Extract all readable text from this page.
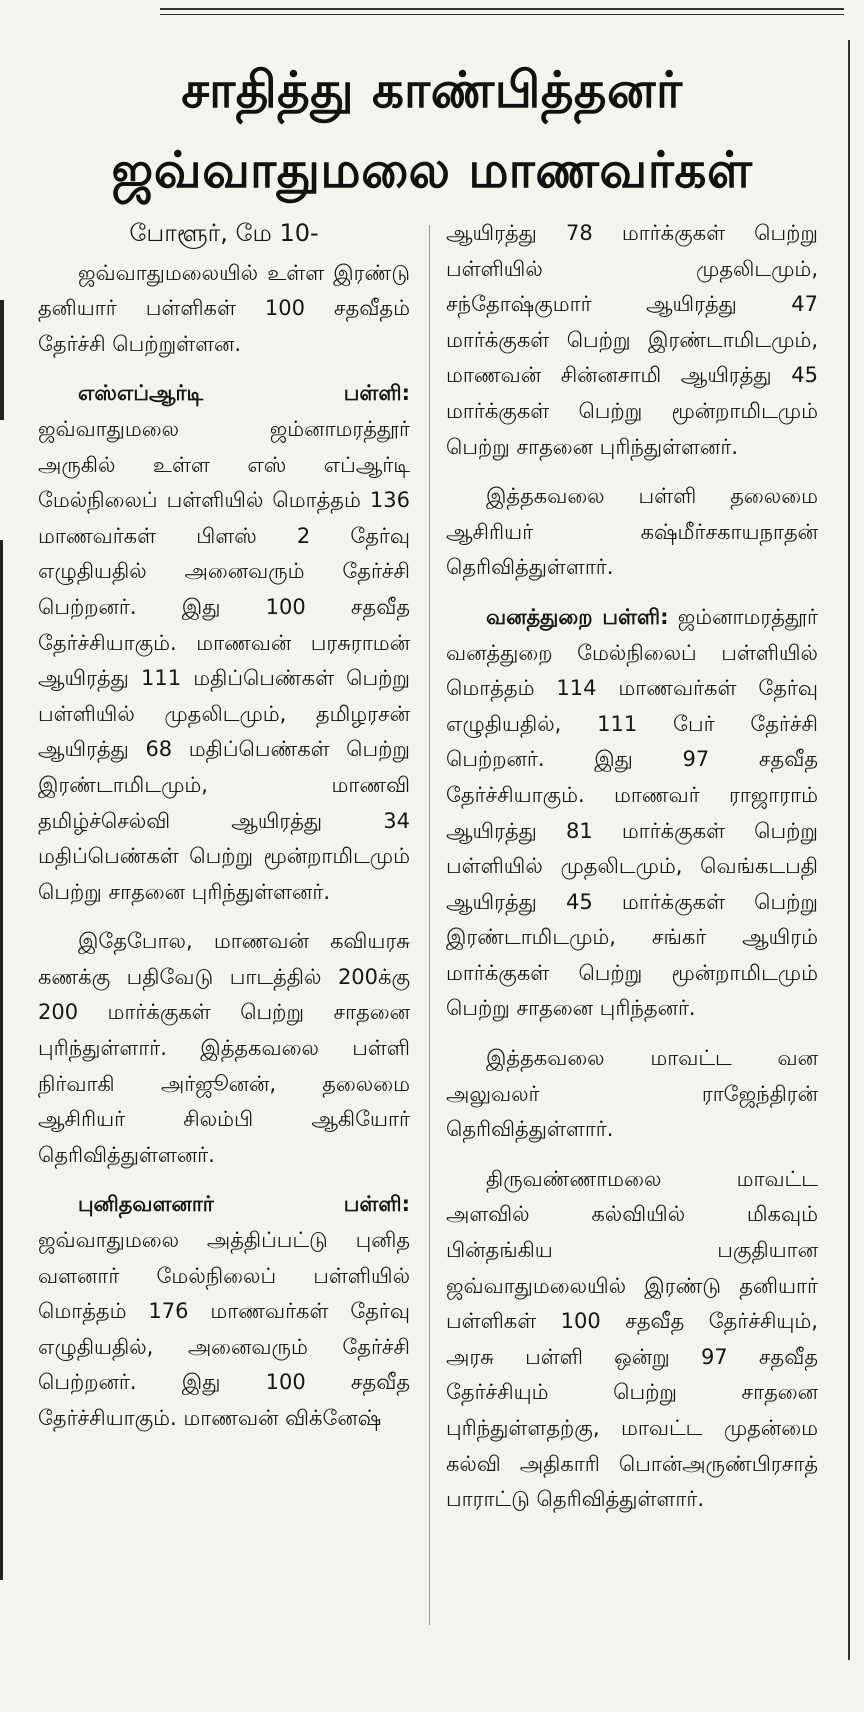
சாதித்து காண்பித்தனர்
ஜவ்வாதுமலை மாணவர்கள்

போளூர், மே 10-

ஜவ்வாதுமலையில் உள்ள இரண்டு தனியார் பள்ளிகள் 100 சதவீதம் தேர்ச்சி பெற்றுள்ளன.

எஸ்எப்ஆர்டி பள்ளி: ஜவ்வாதுமலை ஜம்னாமரத்தூர் அருகில் உள்ள எஸ் எப்ஆர்டி மேல்நிலைப் பள்ளியில் மொத்தம் 136 மாணவர்கள் பிளஸ் 2 தேர்வு எழுதியதில் அனைவரும் தேர்ச்சி பெற்றனர். இது 100 சதவீத தேர்ச்சியாகும். மாணவன் பரசுராமன் ஆயிரத்து 111 மதிப்பெண்கள் பெற்று பள்ளியில் முதலிடமும், தமிழரசன் ஆயிரத்து 68 மதிப்பெண்கள் பெற்று இரண்டாமிடமும், மாணவி தமிழ்ச்செல்வி ஆயிரத்து 34 மதிப்பெண்கள் பெற்று மூன்றாமிடமும் பெற்று சாதனை புரிந்துள்ளனர்.

இதேபோல, மாணவன் கவியரசு கணக்கு பதிவேடு பாடத்தில் 200க்கு 200 மார்க்குகள் பெற்று சாதனை புரிந்துள்ளார். இத்தகவலை பள்ளி நிர்வாகி அர்ஜூனன், தலைமை ஆசிரியர் சிலம்பி ஆகியோர் தெரிவித்துள்ளனர்.

புனிதவளனார் பள்ளி: ஜவ்வாதுமலை அத்திப்பட்டு புனித வளனார் மேல்நிலைப் பள்ளியில் மொத்தம் 176 மாணவர்கள் தேர்வு எழுதியதில், அனைவரும் தேர்ச்சி பெற்றனர். இது 100 சதவீத தேர்ச்சியாகும். மாணவன் விக்னேஷ்

ஆயிரத்து 78 மார்க்குகள் பெற்று பள்ளியில் முதலிடமும், சந்தோஷ்குமார் ஆயிரத்து 47 மார்க்குகள் பெற்று இரண்டாமிடமும், மாணவன் சின்னசாமி ஆயிரத்து 45 மார்க்குகள் பெற்று மூன்றாமிடமும் பெற்று சாதனை புரிந்துள்ளனர்.

இத்தகவலை பள்ளி தலைமை ஆசிரியர் கஷ்மீர்சகாயநாதன் தெரிவித்துள்ளார்.

வனத்துறை பள்ளி: ஜம்னாமரத்தூர் வனத்துறை மேல்நிலைப் பள்ளியில் மொத்தம் 114 மாணவர்கள் தேர்வு எழுதியதில், 111 பேர் தேர்ச்சி பெற்றனர். இது 97 சதவீத தேர்ச்சியாகும். மாணவர் ராஜாராம் ஆயிரத்து 81 மார்க்குகள் பெற்று பள்ளியில் முதலிடமும், வெங்கடபதி ஆயிரத்து 45 மார்க்குகள் பெற்று இரண்டாமிடமும், சங்கர் ஆயிரம் மார்க்குகள் பெற்று மூன்றாமிடமும் பெற்று சாதனை புரிந்தனர்.

இத்தகவலை மாவட்ட வன அலுவலர் ராஜேந்திரன் தெரிவித்துள்ளார்.

திருவண்ணாமலை மாவட்ட அளவில் கல்வியில் மிகவும் பின்தங்கிய பகுதியான ஜவ்வாதுமலையில் இரண்டு தனியார் பள்ளிகள் 100 சதவீத தேர்ச்சியும், அரசு பள்ளி ஒன்று 97 சதவீத தேர்ச்சியும் பெற்று சாதனை புரிந்துள்ளதற்கு, மாவட்ட முதன்மை கல்வி அதிகாரி பொன்அருண்பிரசாத் பாராட்டு தெரிவித்துள்ளார்.
